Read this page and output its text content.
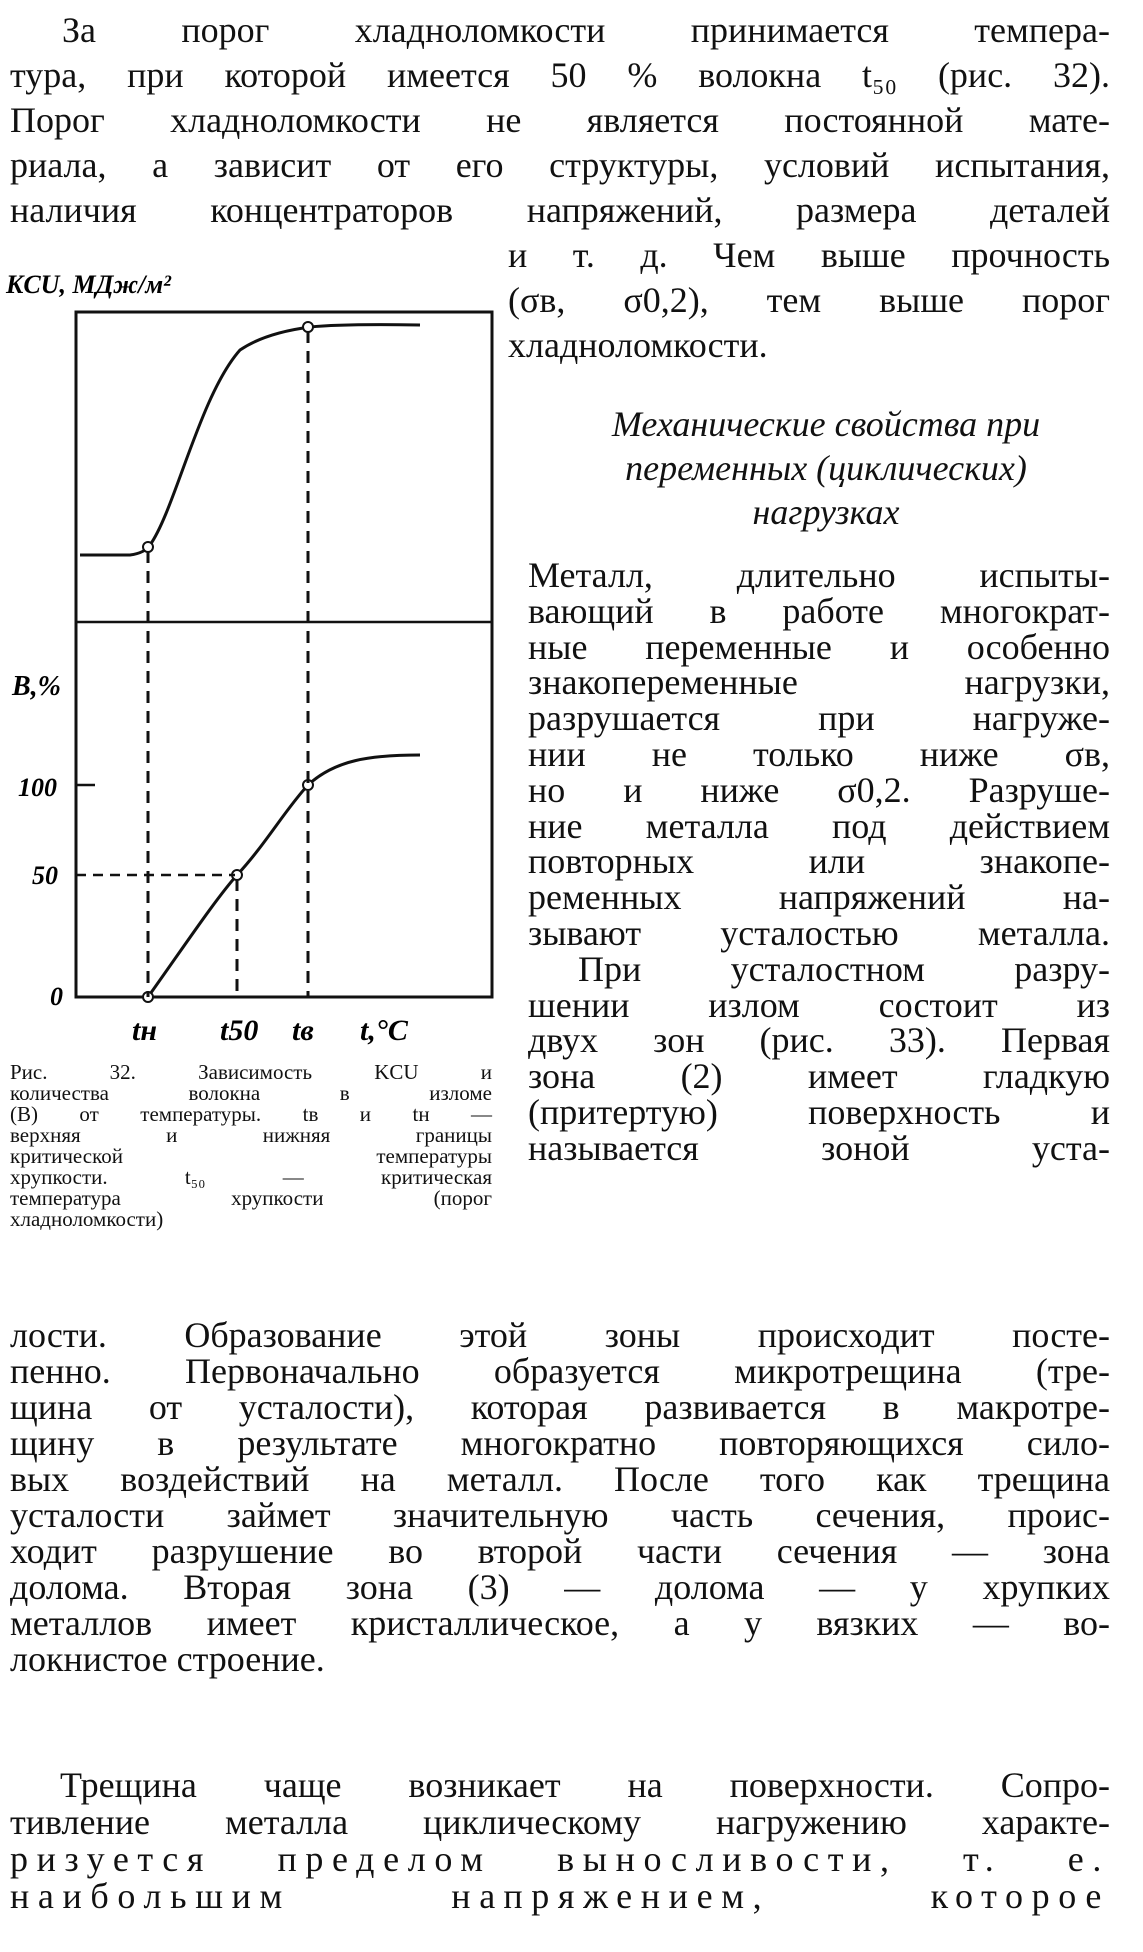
За порог хладноломкости принимается темпера-

тура, при которой имеется 50 % волокна t₅₀ (рис. 32).

Порог хладноломкости не является постоянной мате-

риала, а зависит от его структуры, условий испытания,

наличия концентраторов напряжений, размера деталей

и т. д. Чем выше прочность

(σв, σ0,2), тем выше порог

хладноломкости.

Механические свойства при
переменных (циклических)
нагрузках

Металл, длительно испыты-

вающий в работе многократ-

ные переменные и особенно

знакопеременные нагрузки,

разрушается при нагруже-

нии не только ниже σв,

но и ниже σ0,2. Разруше-

ние металла под действием

повторных или знакопе-

ременных напряжений на-

зывают усталостью металла.

При усталостном разру-

шении излом состоит из

двух зон (рис. 33). Первая

зона (2) имеет гладкую

(притертую) поверхность и

называется зоной уста-

лости. Образование этой зоны происходит посте-

пенно. Первоначально образуется микротрещина (тре-

щина от усталости), которая развивается в макротре-

щину в результате многократно повторяющихся сило-

вых воздействий на металл. После того как трещина

усталости займет значительную часть сечения, проис-

ходит разрушение во второй части сечения — зона

долома. Вторая зона (3) — долома — у хрупких

металлов имеет кристаллическое, а у вязких — во-

локнистое строение.

KCU, МДж/м²
B,%
100
50
0
tн t50 tв t,°C
Рис. 32. Зависимость KCU и
количества волокна в изломе
(B) от температуры. tв и tн —
верхняя и нижняя границы
критической температуры
хрупкости. t₅₀ — критическая
температура хрупкости (порог
хладноломкости)

Трещина чаще возникает на поверхности. Сопро-

тивление металла циклическому нагружению характе-

ризуется пределом выносливости, т. е.

наибольшим напряжением, которое
